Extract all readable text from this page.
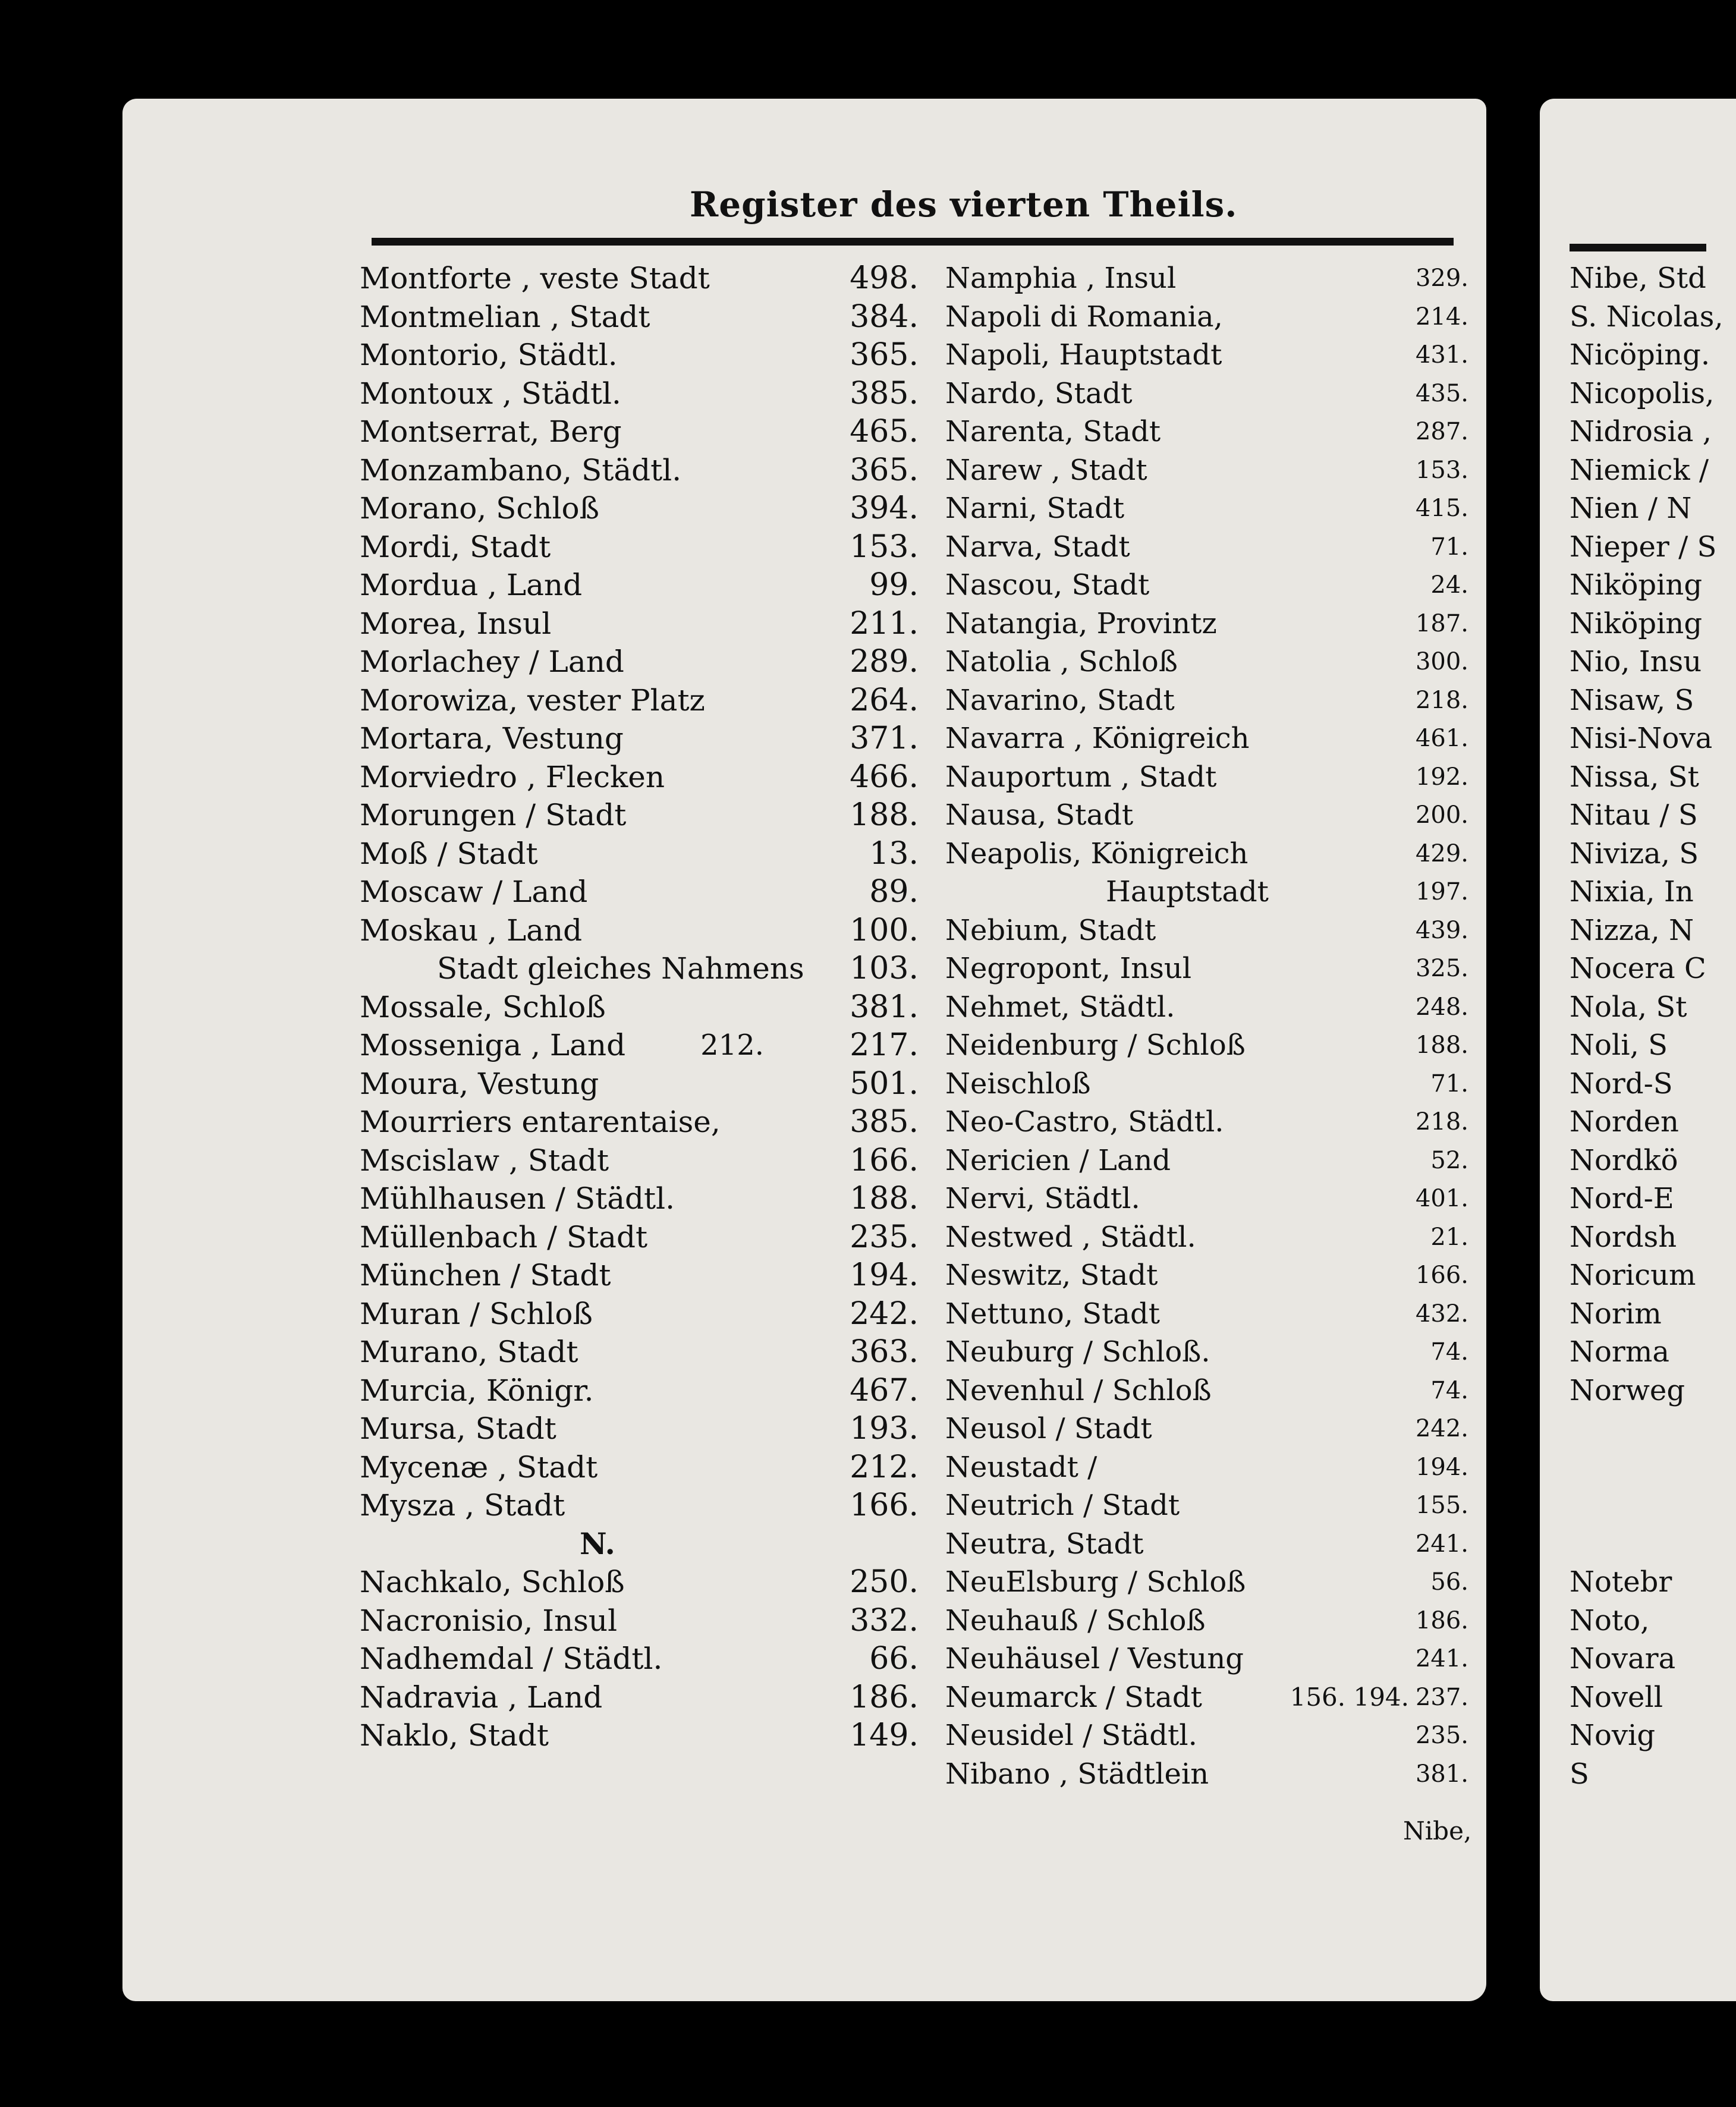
Register des vierten Theils.
Montforte , veste Stadt	498.
Montmelian , Stadt	384.
Montorio, Städtl.	365.
Montoux , Städtl.	385.
Montserrat, Berg	465.
Monzambano, Städtl.	365.
Morano, Schloß	394.
Mordi, Stadt	153.
Mordua , Land	99.
Morea, Insul	211.
Morlachey / Land	289.
Morowiza, vester Platz	264.
Mortara, Vestung	371.
Morviedro , Flecken	466.
Morungen / Stadt	188.
Moß / Stadt	13.
Moscaw / Land	89.
Moskau , Land	100.
Stadt gleiches Nahmens 103.
Mossale, Schloß	381.
Mosseniga , Land	212.	217.
Moura, Vestung	501.
Mourriers entarentaise,	385.
Mscislaw , Stadt	166.
Mühlhausen / Städtl.	188.
Müllenbach / Stadt	235.
München / Stadt	194.
Muran / Schloß	242.
Murano, Stadt	363.
Murcia, Königr.	467.
Mursa, Stadt	193.
Mycenæ , Stadt	212.
Mysza , Stadt	166.
N.
Nachkalo, Schloß	250.
Nacronisio, Insul	332.
Nadhemdal / Städtl.	66.
Nadravia , Land	186.
Naklo, Stadt	149.
Namphia , Insul	329.
Napoli di Romania,	214.
Napoli, Hauptstadt	431.
Nardo, Stadt	435.
Narenta, Stadt	287.
Narew , Stadt	153.
Narni, Stadt	415.
Narva, Stadt	71.
Nascou, Stadt	24.
Natangia, Provintz	187.
Natolia , Schloß	300.
Navarino, Stadt	218.
Navarra , Königreich	461.
Nauportum , Stadt	192.
Nausa, Stadt	200.
Neapolis, Königreich	429.
Hauptstadt	197.
Nebium, Stadt	439.
Negropont, Insul	325.
Nehmet, Städtl.	248.
Neidenburg / Schloß	188.
Neischloß	71.
Neo-Castro, Städtl.	218.
Nericien / Land	52.
Nervi, Städtl.	401.
Nestwed , Städtl.	21.
Neswitz, Stadt	166.
Nettuno, Stadt	432.
Neuburg / Schloß.	74.
Nevenhul / Schloß	74.
Neusol / Stadt	242.
Neustadt /	194.
Neutrich / Stadt	155.
Neutra, Stadt	241.
NeuElsburg / Schloß	56.
Neuhauß / Schloß	186.
Neuhäusel / Vestung	241.
Neumarck / Stadt	156. 194. 237.
Neusidel / Städtl.	235.
Nibano , Städtlein	381.
Nibe, Std
S. Nicolas,
Nicöping.
Nicopolis,
Nidrosia ,
Niemick /
Nien / N
Nieper / S
Niköping
Niköping
Nio, Insu
Nisaw, S
Nisi-Nova
Nissa, St
Nitau / S
Niviza, S
Nixia, In
Nizza, N
Nocera C
Nola, St
Noli, S
Nord-S
Norden
Nordkö
Nord-E
Nordsh
Noricum
Norim
Norma
Norweg
Notebr
Noto,
Novara
Novell
Novig
S
Nibe,
